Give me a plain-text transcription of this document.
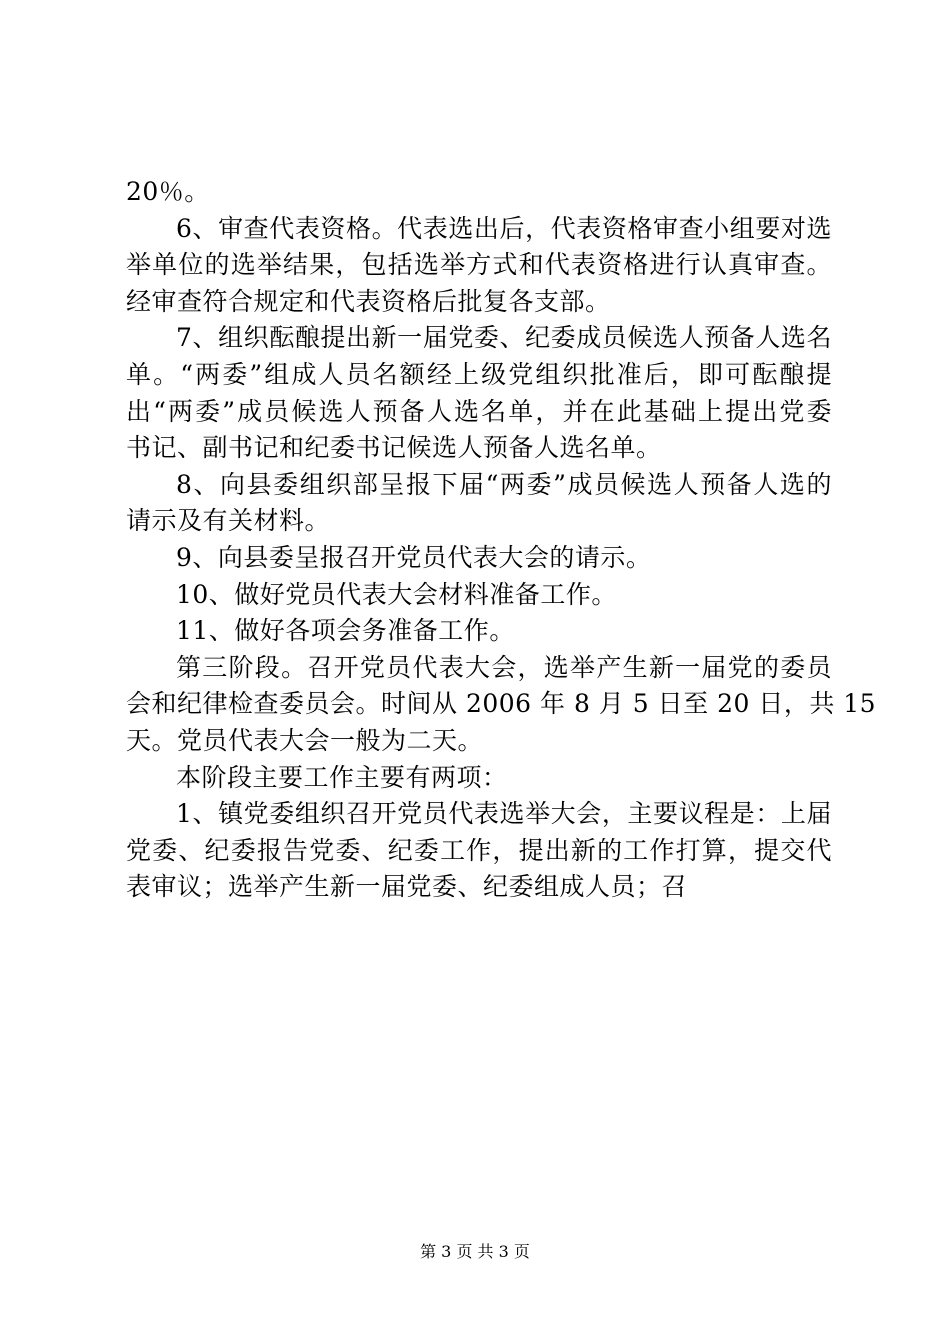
20％。
6、审查代表资格。代表选出后，代表资格审查小组要对选
举单位的选举结果，包括选举方式和代表资格进行认真审查。
经审查符合规定和代表资格后批复各支部。
7、组织酝酿提出新一届党委、纪委成员候选人预备人选名
单。“两委”组成人员名额经上级党组织批准后，即可酝酿提
出“两委”成员候选人预备人选名单，并在此基础上提出党委
书记、副书记和纪委书记候选人预备人选名单。
8、向县委组织部呈报下届“两委”成员候选人预备人选的
请示及有关材料。
9、向县委呈报召开党员代表大会的请示。
10、做好党员代表大会材料准备工作。
11、做好各项会务准备工作。
第三阶段。召开党员代表大会，选举产生新一届党的委员
会和纪律检查委员会。时间从 2006 年 8 月 5 日至 20 日，共 15
天。党员代表大会一般为二天。
本阶段主要工作主要有两项：
1、镇党委组织召开党员代表选举大会，主要议程是：上届
党委、纪委报告党委、纪委工作，提出新的工作打算，提交代
表审议；选举产生新一届党委、纪委组成人员；召
第 3 页 共 3 页
